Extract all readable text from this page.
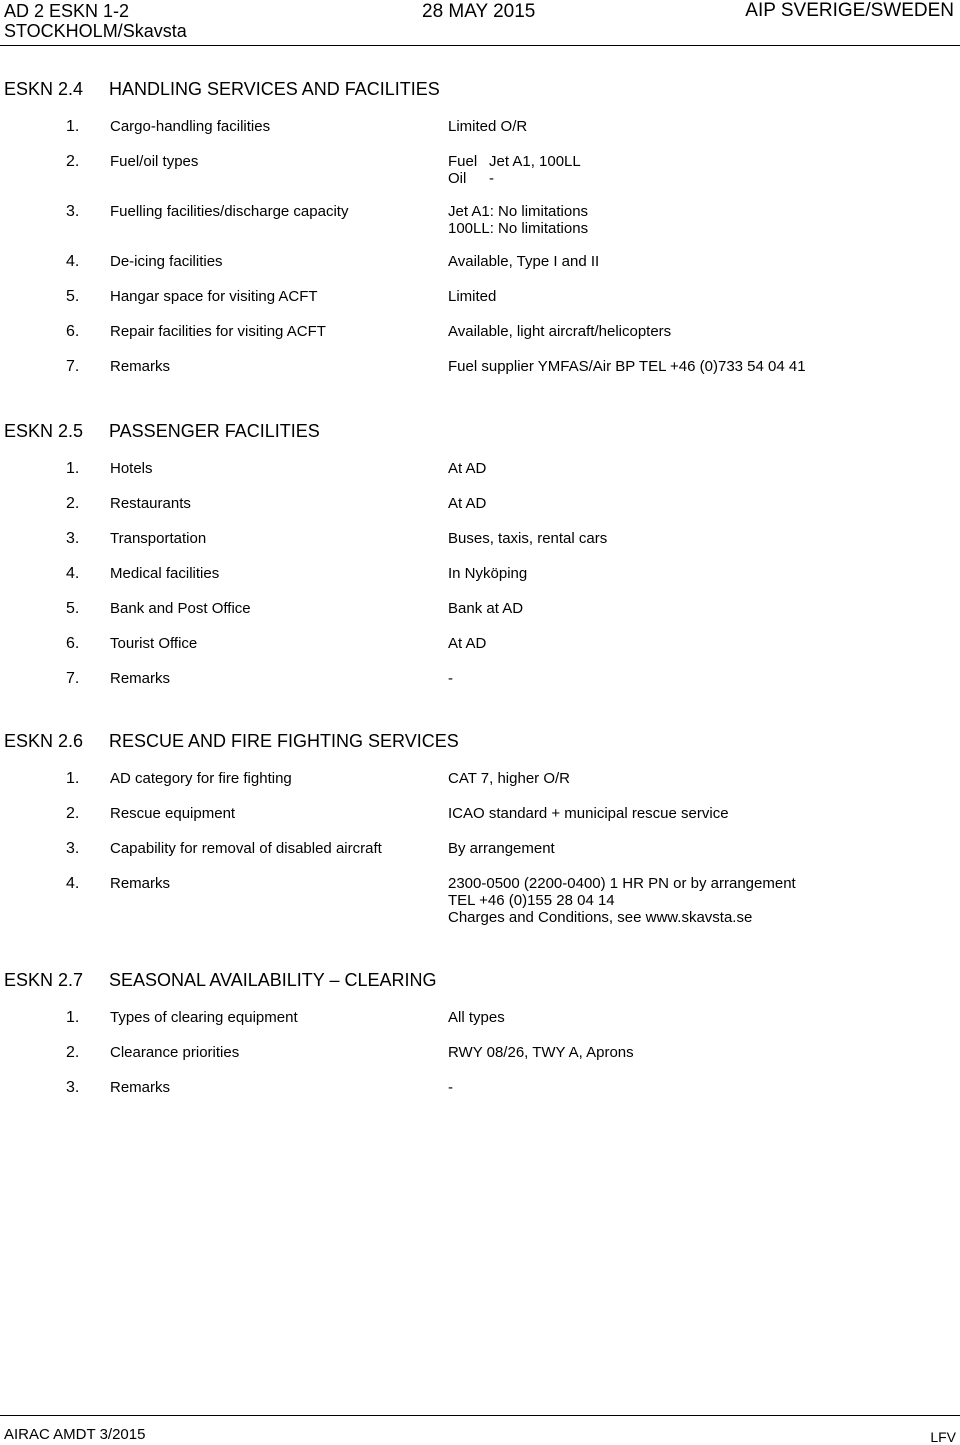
AD 2 ESKN 1-2
STOCKHOLM/Skavsta
28 MAY 2015	AIP SVERIGE/SWEDEN
ESKN 2.4 HANDLING SERVICES AND FACILITIES
1. Cargo-handling facilities	Limited O/R
2. Fuel/oil types	Fuel Jet A1, 100LL
Oil	-
3. Fuelling facilities/discharge capacity	Jet A1: No limitations
100LL: No limitations
4. De-icing facilities	Available, Type I and II
5. Hangar space for visiting ACFT	Limited
6. Repair facilities for visiting ACFT	Available, light aircraft/helicopters
7. Remarks	Fuel supplier YMFAS/Air BP TEL +46 (0)733 54 04 41
ESKN 2.5 PASSENGER FACILITIES
1. Hotels	At AD
2. Restaurants	At AD
3. Transportation	Buses, taxis, rental cars
4. Medical facilities	In Nyköping
5. Bank and Post Office	Bank at AD
6. Tourist Office	At AD
7. Remarks	-
ESKN 2.6 RESCUE AND FIRE FIGHTING SERVICES
1. AD category for fire fighting	CAT 7, higher O/R
2. Rescue equipment	ICAO standard + municipal rescue service
3. Capability for removal of disabled aircraft	By arrangement
4. Remarks	2300-0500 (2200-0400) 1 HR PN or by arrangement
TEL +46 (0)155 28 04 14
Charges and Conditions, see www.skavsta.se
ESKN 2.7 SEASONAL AVAILABILITY – CLEARING
1. Types of clearing equipment	All types
2. Clearance priorities	RWY 08/26, TWY A, Aprons
3. Remarks	-
AIRAC AMDT 3/2015	LFV
